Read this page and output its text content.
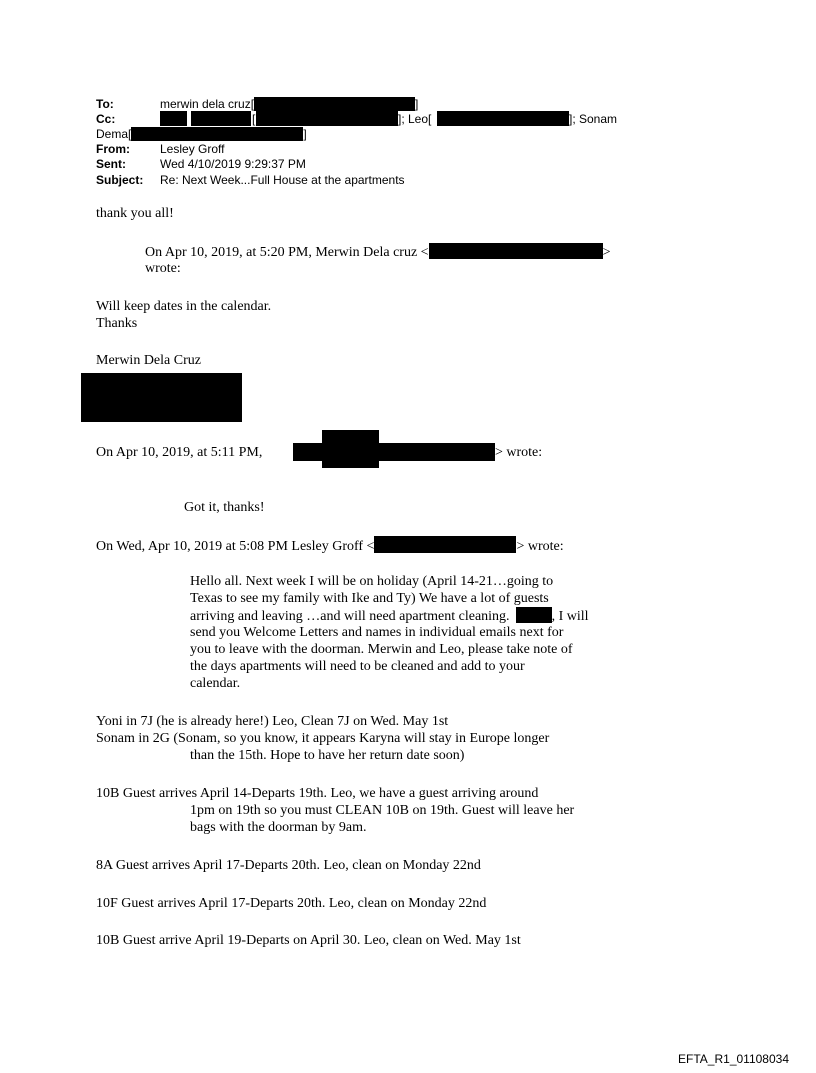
To:	merwin dela cruz[	]
Cc:	[	]; Leo[	]; Sonam
Dema[	]
From:	Lesley Groff
Sent:	Wed 4/10/2019 9:29:37 PM
Subject: Re: Next Week...Full House at the apartments
thank you all!
On Apr 10, 2019, at 5:20 PM, Merwin Dela cruz <	>
wrote:
Will keep dates in the calendar.
Thanks
Merwin Dela Cruz
On Apr 10, 2019, at 5:11 PM,	> wrote:
Got it, thanks!
On Wed, Apr 10, 2019 at 5:08 PM Lesley Groff <	> wrote:
Hello all. Next week I will be on holiday (April 14-21…going to
Texas to see my family with Ike and Ty) We have a lot of guests
arriving and leaving …and will need apartment cleaning.	, I will
send you Welcome Letters and names in individual emails next for
you to leave with the doorman. Merwin and Leo, please take note of
the days apartments will need to be cleaned and add to your
calendar.
Yoni in 7J (he is already here!) Leo, Clean 7J on Wed. May 1st
Sonam in 2G (Sonam, so you know, it appears Karyna will stay in Europe longer
than the 15th. Hope to have her return date soon)
10B Guest arrives April 14-Departs 19th. Leo, we have a guest arriving around
1pm on 19th so you must CLEAN 10B on 19th. Guest will leave her
bags with the doorman by 9am.
8A Guest arrives April 17-Departs 20th. Leo, clean on Monday 22nd
10F Guest arrives April 17-Departs 20th. Leo, clean on Monday 22nd
10B Guest arrive April 19-Departs on April 30. Leo, clean on Wed. May 1st
EFTA_R1_01108034
